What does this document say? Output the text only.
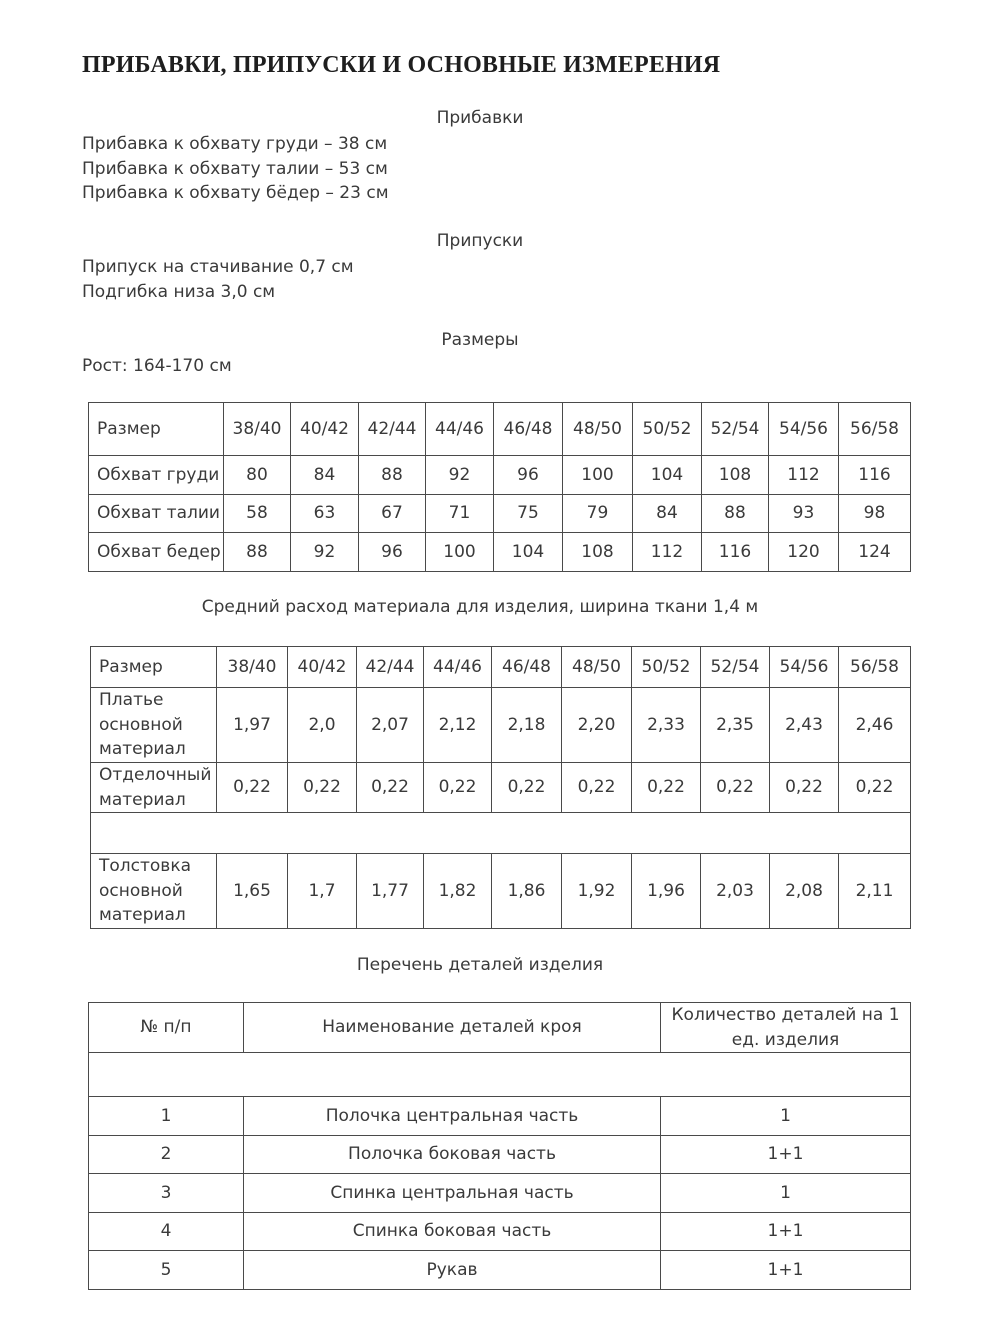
ПРИБАВКИ, ПРИПУСКИ И ОСНОВНЫЕ ИЗМЕРЕНИЯ
Прибавки
Прибавка к обхвату груди – 38 см
Прибавка к обхвату талии – 53 см
Прибавка к обхвату бёдер – 23 см
Припуски
Припуск на стачивание 0,7 см
Подгибка низа 3,0 см
Размеры
Рост: 164-170 см
Размер	38/40	40/42	42/44	44/46	46/48	48/50	50/52	52/54	54/56	56/58
Обхват груди	80	84	88	92	96	100	104	108	112	116
Обхват талии	58	63	67	71	75	79	84	88	93	98
Обхват бедер	88	92	96	100	104	108	112	116	120	124
Средний расход материала для изделия, ширина ткани 1,4 м
Размер	38/40	40/42	42/44	44/46	46/48	48/50	50/52	52/54	54/56	56/58

Платье
основной
материал	1,97	2,0	2,07	2,12	2,18	2,20	2,33	2,35	2,43	2,46

Отделочный
материал	0,22	0,22	0,22	0,22	0,22	0,22	0,22	0,22	0,22	0,22

Толстовка
основной
материал	1,65	1,7	1,77	1,82	1,86	1,92	1,96	2,03	2,08	2,11
Перечень деталей изделия
№ п/п	Наименование деталей кроя	Количество деталей на 1
ед. изделия

1	Полочка центральная часть	1
2	Полочка боковая часть	1+1
3	Спинка центральная часть	1
4	Спинка боковая часть	1+1
5	Рукав	1+1
